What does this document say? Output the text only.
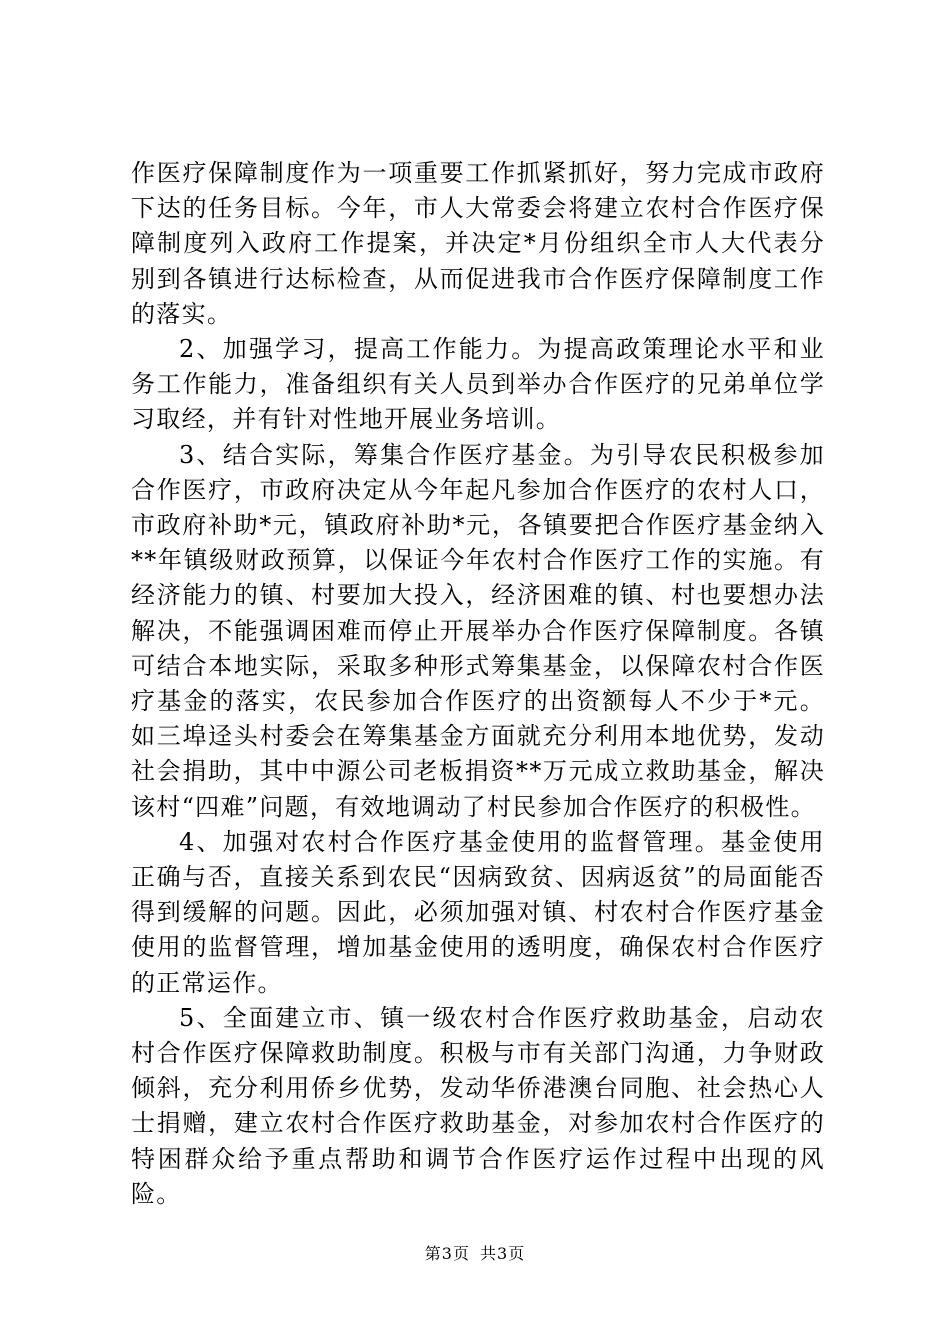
作医疗保障制度作为一项重要工作抓紧抓好，努力完成市政府下达的任务目标。今年，市人大常委会将建立农村合作医疗保障制度列入政府工作提案，并决定*月份组织全市人大代表分别到各镇进行达标检查，从而促进我市合作医疗保障制度工作的落实。

2、加强学习，提高工作能力。为提高政策理论水平和业务工作能力，准备组织有关人员到举办合作医疗的兄弟单位学习取经，并有针对性地开展业务培训。

3、结合实际，筹集合作医疗基金。为引导农民积极参加合作医疗，市政府决定从今年起凡参加合作医疗的农村人口，市政府补助*元，镇政府补助*元，各镇要把合作医疗基金纳入**年镇级财政预算，以保证今年农村合作医疗工作的实施。有经济能力的镇、村要加大投入，经济困难的镇、村也要想办法解决，不能强调困难而停止开展举办合作医疗保障制度。各镇可结合本地实际，采取多种形式筹集基金，以保障农村合作医疗基金的落实，农民参加合作医疗的出资额每人不少于*元。如三埠迳头村委会在筹集基金方面就充分利用本地优势，发动社会捐助，其中中源公司老板捐资**万元成立救助基金，解决该村“四难”问题，有效地调动了村民参加合作医疗的积极性。

4、加强对农村合作医疗基金使用的监督管理。基金使用正确与否，直接关系到农民“因病致贫、因病返贫”的局面能否得到缓解的问题。因此，必须加强对镇、村农村合作医疗基金使用的监督管理，增加基金使用的透明度，确保农村合作医疗的正常运作。

5、全面建立市、镇一级农村合作医疗救助基金，启动农村合作医疗保障救助制度。积极与市有关部门沟通，力争财政倾斜，充分利用侨乡优势，发动华侨港澳台同胞、社会热心人士捐赠，建立农村合作医疗救助基金，对参加农村合作医疗的特困群众给予重点帮助和调节合作医疗运作过程中出现的风险。

第3页 共3页
